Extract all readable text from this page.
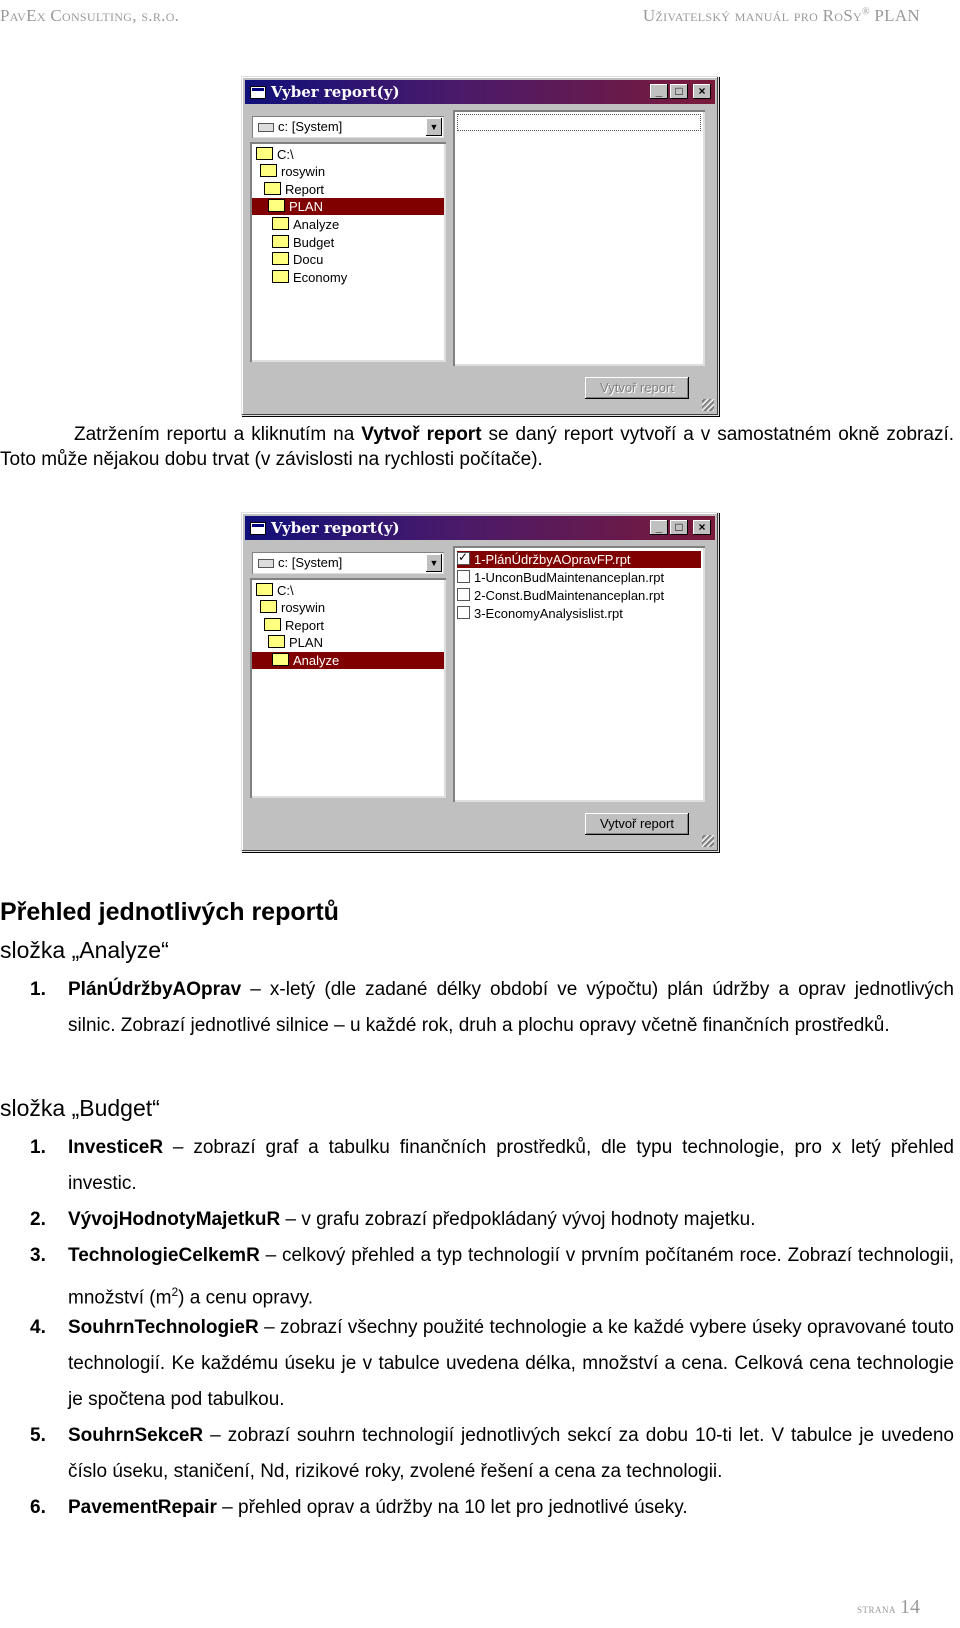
PavEx Consulting, s.r.o.	Uživatelský manuál pro RoSy® PLAN
Vyber report(y)	_	□	×
c: [System]	▼
C:\
rosywin
Report
PLAN
Analyze
Budget
Docu
Economy
Vytvoř report

Zatržením reportu a kliknutím na Vytvoř report se daný report vytvoří a v samostatném okně zobrazí. Toto může nějakou dobu trvat (v závislosti na rychlosti počítače).

Vyber report(y)	_	□	×
c: [System]	▼
C:\
rosywin
Report
PLAN
Analyze
✓1-PlánÚdržbyAOpravFP.rpt
1-UnconBudMaintenanceplan.rpt
2-Const.BudMaintenanceplan.rpt
3-EconomyAnalysislist.rpt
Vytvoř report
Přehled jednotlivých reportů
složka „Analyze“
1. PlánÚdržbyAOprav – x-letý (dle zadané délky období ve výpočtu) plán údržby a oprav jednotlivých silnic. Zobrazí jednotlivé silnice – u každé rok, druh a plochu opravy včetně finančních prostředků.
složka „Budget“
1. InvesticeR – zobrazí graf a tabulku finančních prostředků, dle typu technologie, pro x letý přehled investic.
2. VývojHodnotyMajetkuR – v grafu zobrazí předpokládaný vývoj hodnoty majetku.
3. TechnologieCelkemR – celkový přehled a typ technologií v prvním počítaném roce. Zobrazí technologii, množství $(m^2)$ a cenu opravy.
4. SouhrnTechnologieR – zobrazí všechny použité technologie a ke každé vybere úseky opravované touto technologií. Ke každému úseku je v tabulce uvedena délka, množství a cena. Celková cena technologie je spočtena pod tabulkou.
5. SouhrnSekceR – zobrazí souhrn technologií jednotlivých sekcí za dobu 10-ti let. V tabulce je uvedeno číslo úseku, staničení, Nd, rizikové roky, zvolené řešení a cena za technologii.
6. PavementRepair – přehled oprav a údržby na 10 let pro jednotlivé úseky.
strana 14
